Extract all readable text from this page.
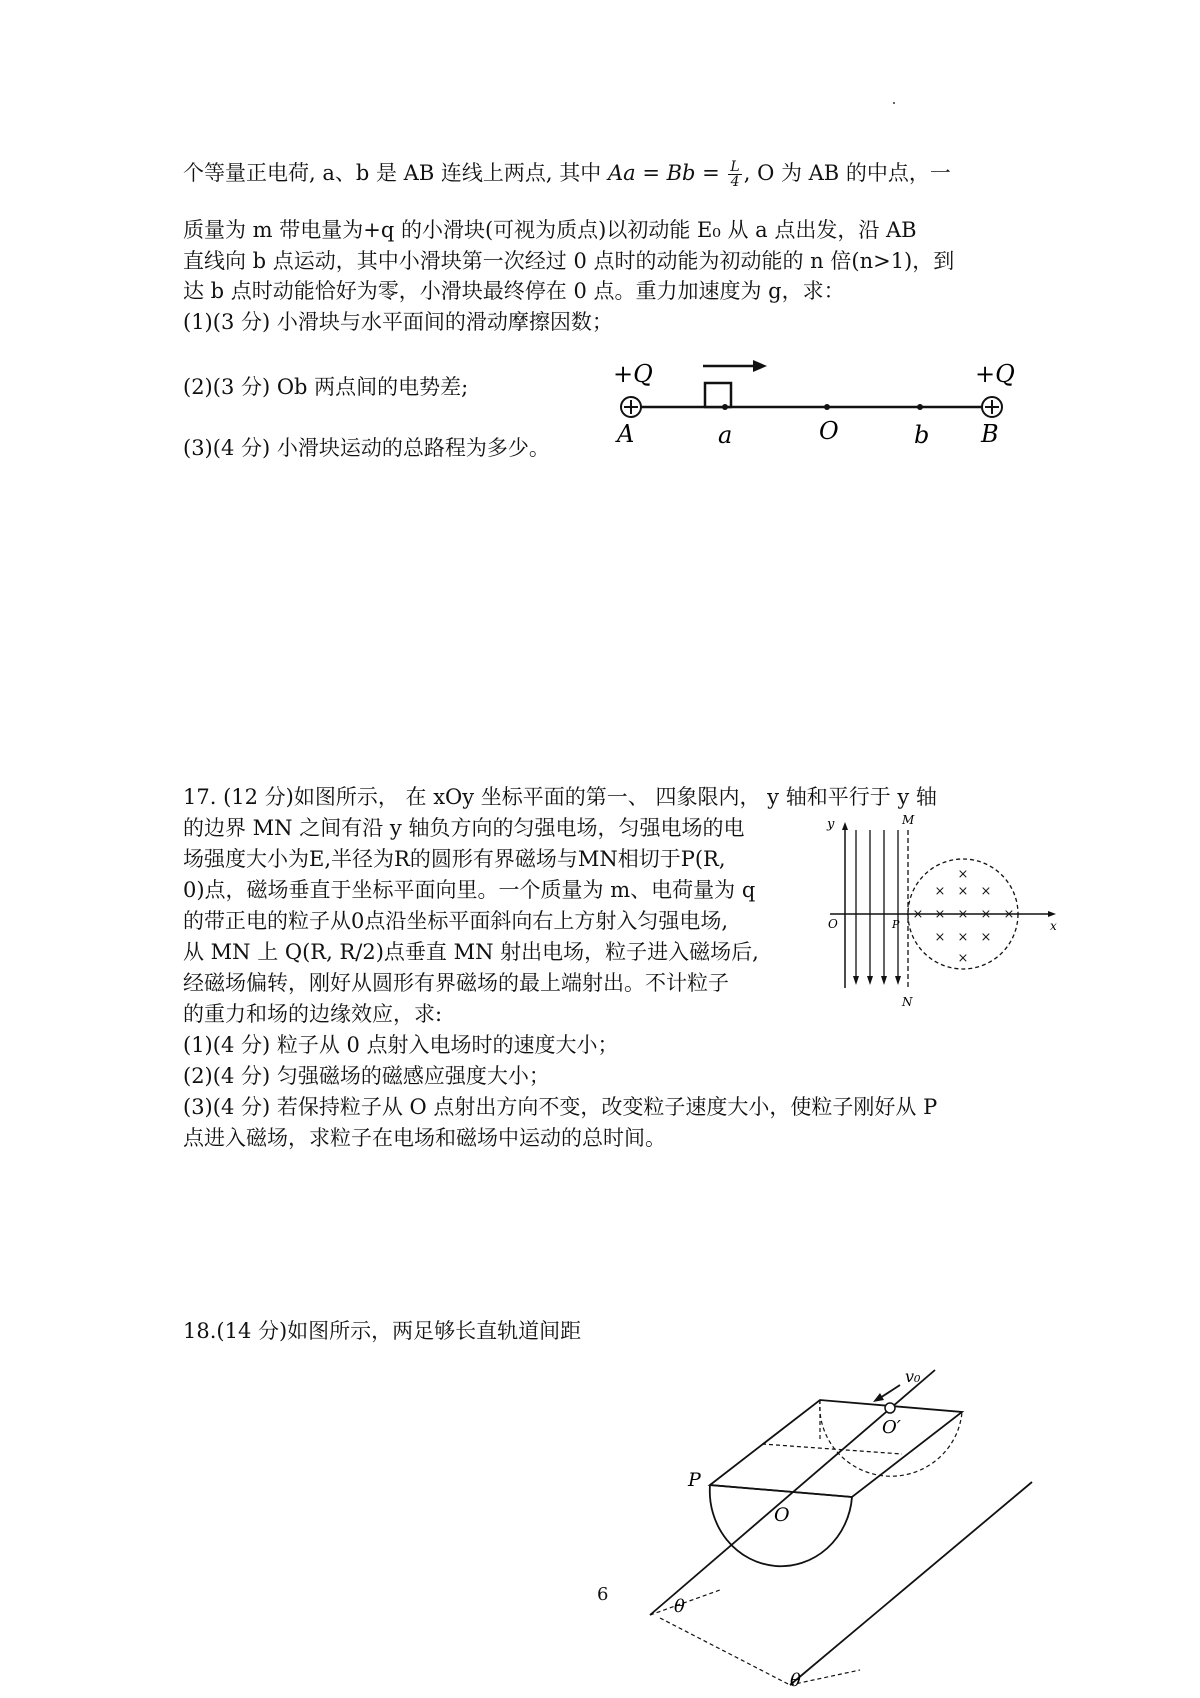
个等量正电荷, a、b 是 AB 连线上两点, 其中 $Aa = Bb = \frac{L}{4}$ , O 为 AB 的中点，一
质量为 m 带电量为+q 的小滑块(可视为质点)以初动能 E₀ 从 a 点出发，沿 AB
直线向 b 点运动，其中小滑块第一次经过 0 点时的动能为初动能的 n 倍(n>1)，到
达 b 点时动能恰好为零，小滑块最终停在 0 点。重力加速度为 g，求：
(1)(3 分) 小滑块与水平面间的滑动摩擦因数；
(2)(3 分) Ob 两点间的电势差;
(3)(4 分) 小滑块运动的总路程为多少。
+Q	+Q
A	a	O	b B
17. (12 分)如图所示， 在 xOy 坐标平面的第一、 四象限内， y 轴和平行于 y 轴
的边界 MN 之间有沿 y 轴负方向的匀强电场，匀强电场的电
场强度大小为E,半径为R的圆形有界磁场与MN相切于P(R,
0)点，磁场垂直于坐标平面向里。一个质量为 m、电荷量为 q
的带正电的粒子从0点沿坐标平面斜向右上方射入匀强电场,
从 MN 上 Q(R, R/2)点垂直 MN 射出电场，粒子进入磁场后,
经磁场偏转，刚好从圆形有界磁场的最上端射出。不计粒子
的重力和场的边缘效应，求:
(1)(4 分) 粒子从 0 点射入电场时的速度大小；
(2)(4 分) 匀强磁场的磁感应强度大小；
(3)(4 分) 若保持粒子从 O 点射出方向不变，改变粒子速度大小，使粒子刚好从 P
点进入磁场，求粒子在电场和磁场中运动的总时间。
y
x
O
M
N
P
×
× × ×
× × × × ×
× × ×
×
18.(14 分)如图所示，两足够长直轨道间距
v₀
O′
P
O
θ
θ
6
